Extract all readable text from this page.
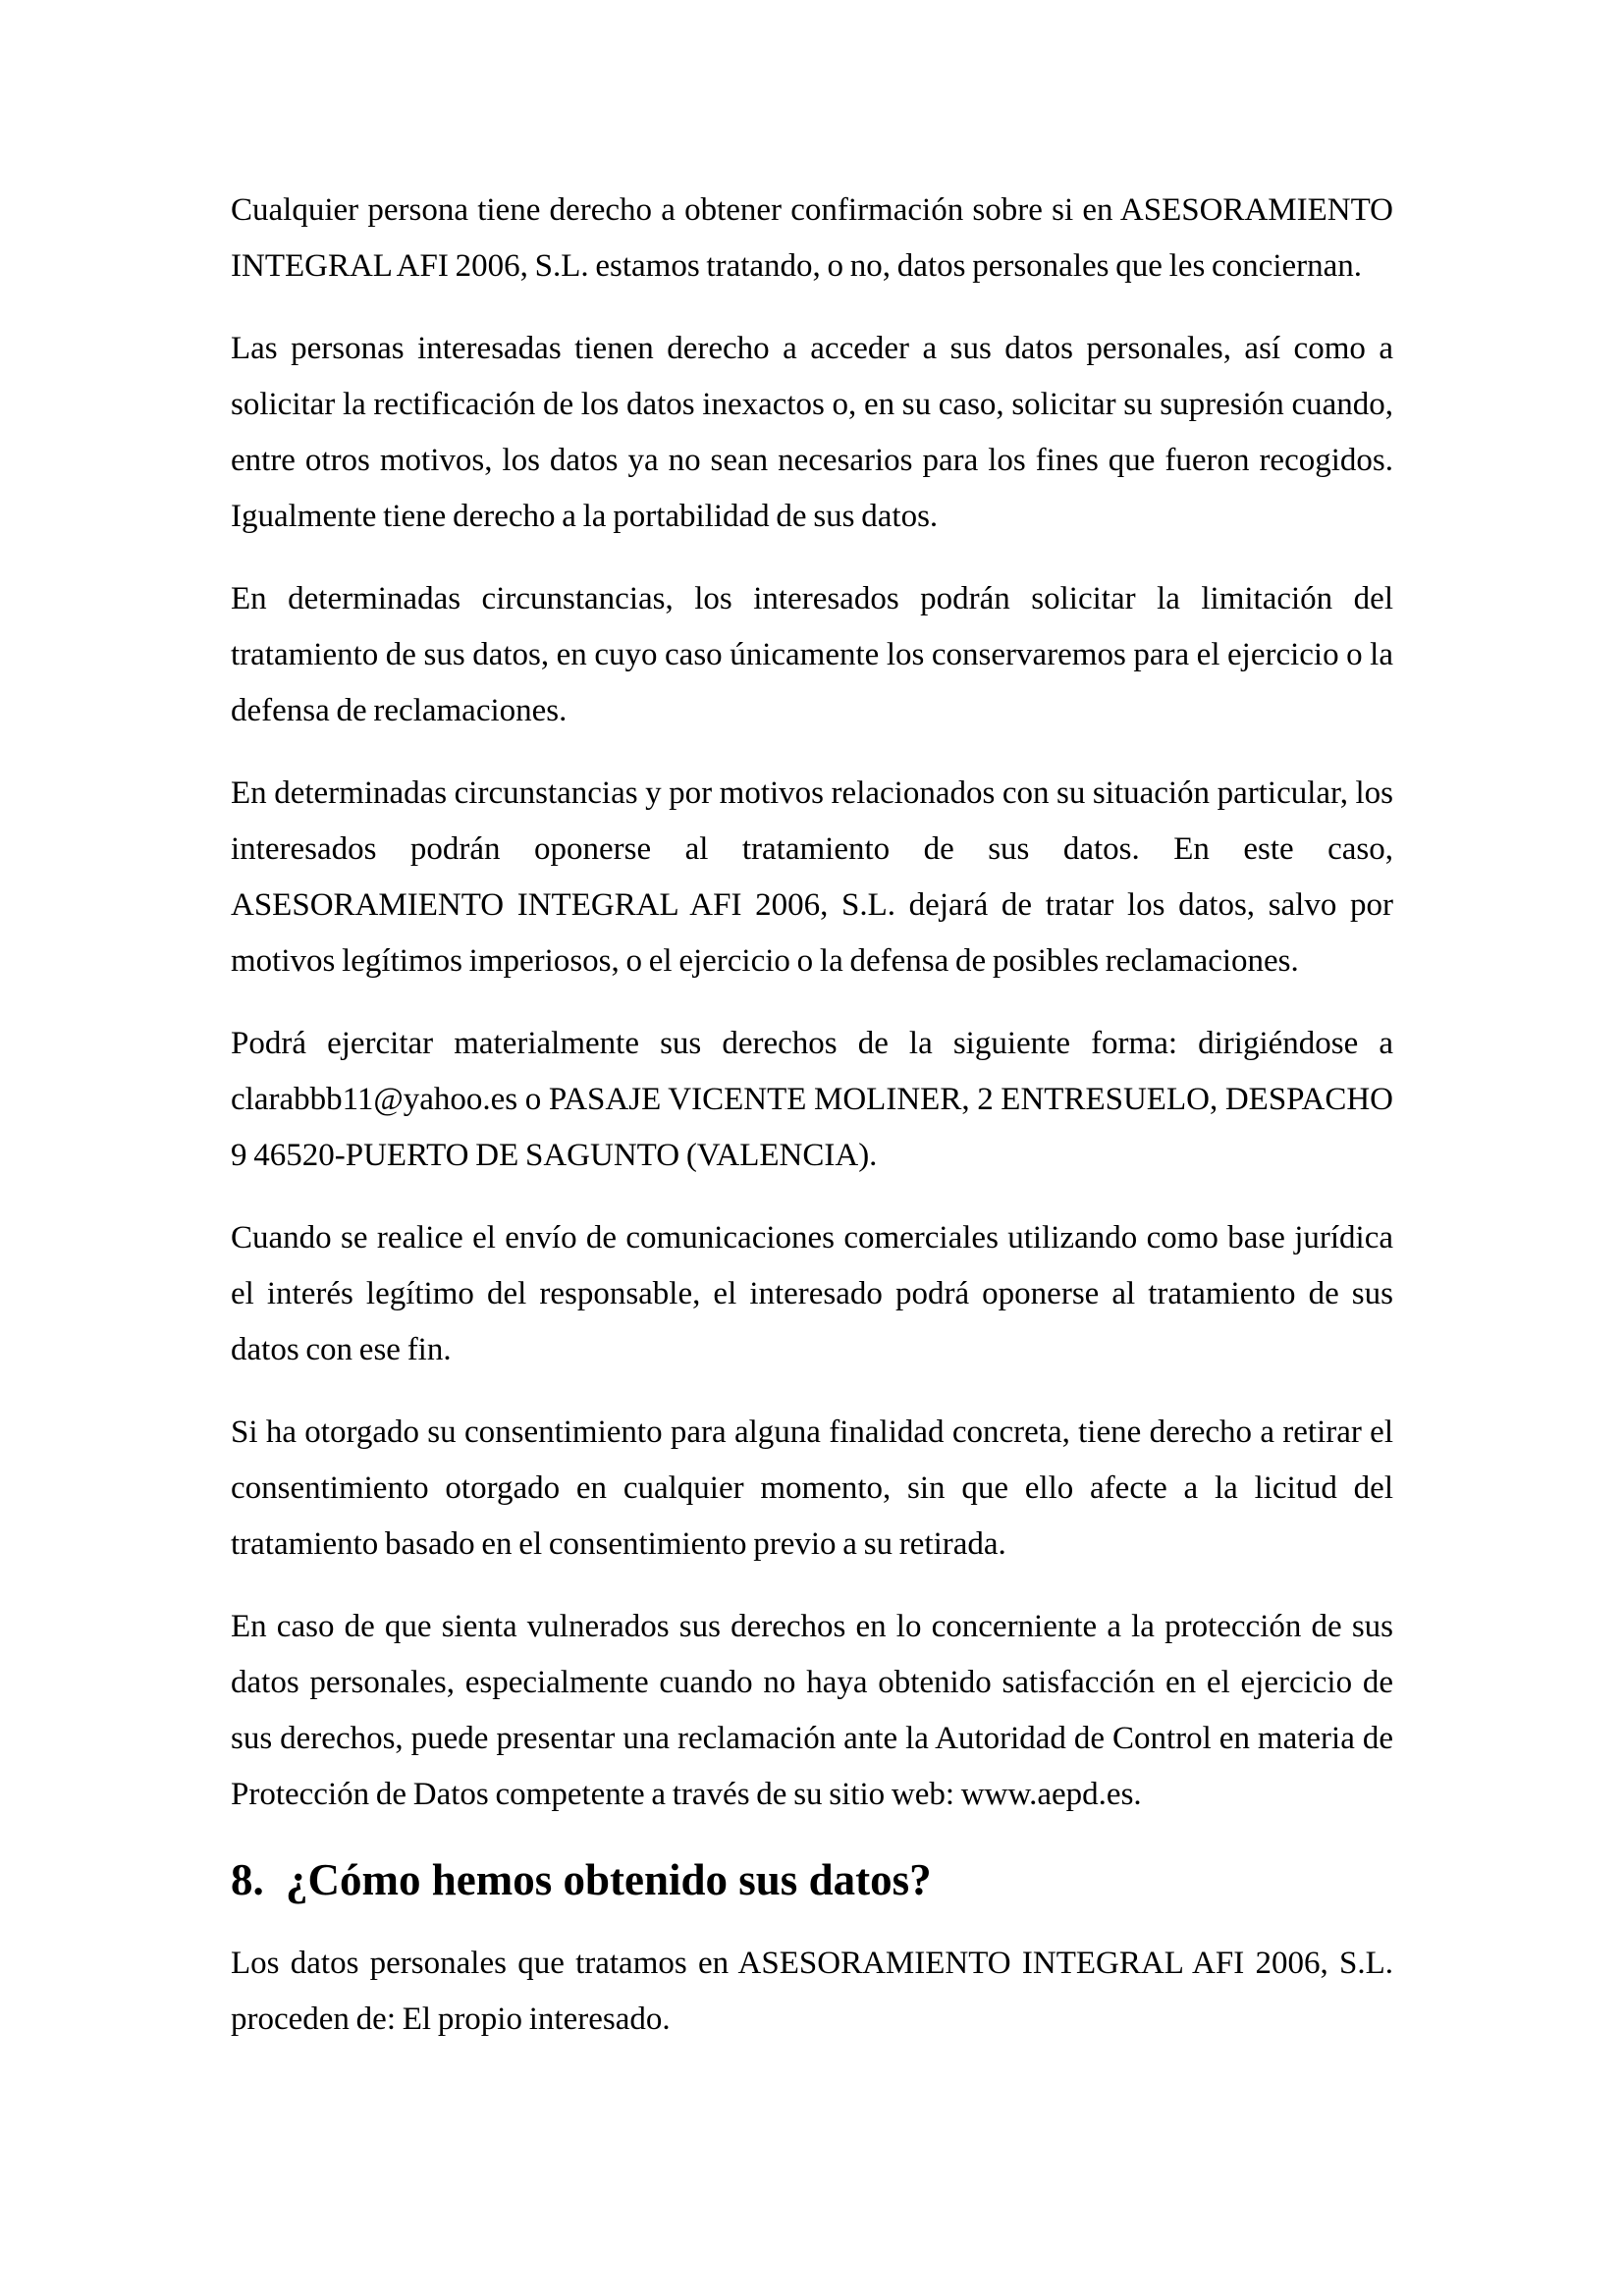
Cualquier persona tiene derecho a obtener confirmación sobre si en ASESORAMIENTO INTEGRAL AFI 2006, S.L. estamos tratando, o no, datos personales que les conciernan.

Las personas interesadas tienen derecho a acceder a sus datos personales, así como a solicitar la rectificación de los datos inexactos o, en su caso, solicitar su supresión cuando, entre otros motivos, los datos ya no sean necesarios para los fines que fueron recogidos. Igualmente tiene derecho a la portabilidad de sus datos.

En determinadas circunstancias, los interesados podrán solicitar la limitación del tratamiento de sus datos, en cuyo caso únicamente los conservaremos para el ejercicio o la defensa de reclamaciones.

En determinadas circunstancias y por motivos relacionados con su situación particular, los interesados podrán oponerse al tratamiento de sus datos. En este caso, ASESORAMIENTO INTEGRAL AFI 2006, S.L. dejará de tratar los datos, salvo por motivos legítimos imperiosos, o el ejercicio o la defensa de posibles reclamaciones.

Podrá ejercitar materialmente sus derechos de la siguiente forma: dirigiéndose a clarabbb11@yahoo.es o PASAJE VICENTE MOLINER, 2 ENTRESUELO, DESPACHO 9 46520-PUERTO DE SAGUNTO (VALENCIA).

Cuando se realice el envío de comunicaciones comerciales utilizando como base jurídica el interés legítimo del responsable, el interesado podrá oponerse al tratamiento de sus datos con ese fin.

Si ha otorgado su consentimiento para alguna finalidad concreta, tiene derecho a retirar el consentimiento otorgado en cualquier momento, sin que ello afecte a la licitud del tratamiento basado en el consentimiento previo a su retirada.

En caso de que sienta vulnerados sus derechos en lo concerniente a la protección de sus datos personales, especialmente cuando no haya obtenido satisfacción en el ejercicio de sus derechos, puede presentar una reclamación ante la Autoridad de Control en materia de Protección de Datos competente a través de su sitio web: www.aepd.es.

8. ¿Cómo hemos obtenido sus datos?

Los datos personales que tratamos en ASESORAMIENTO INTEGRAL AFI 2006, S.L. proceden de: El propio interesado.
